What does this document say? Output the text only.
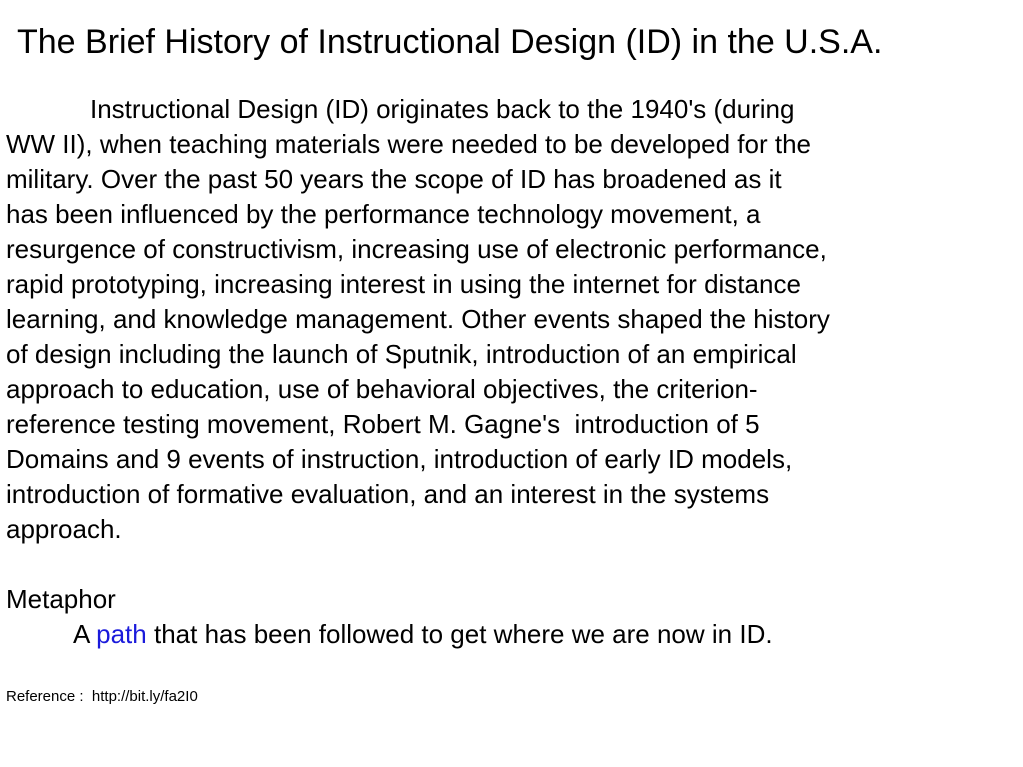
The Brief History of Instructional Design (ID) in the U.S.A.
Instructional Design (ID) originates back to the 1940's (during
WW II), when teaching materials were needed to be developed for the
military. Over the past 50 years the scope of ID has broadened as it
has been influenced by the performance technology movement, a
resurgence of constructivism, increasing use of electronic performance,
rapid prototyping, increasing interest in using the internet for distance
learning, and knowledge management. Other events shaped the history
of design including the launch of Sputnik, introduction of an empirical
approach to education, use of behavioral objectives, the criterion-
reference testing movement, Robert M. Gagne's  introduction of 5
Domains and 9 events of instruction, introduction of early ID models,
introduction of formative evaluation, and an interest in the systems
approach.
Metaphor
A path that has been followed to get where we are now in ID.
Reference :  http://bit.ly/fa2I0
